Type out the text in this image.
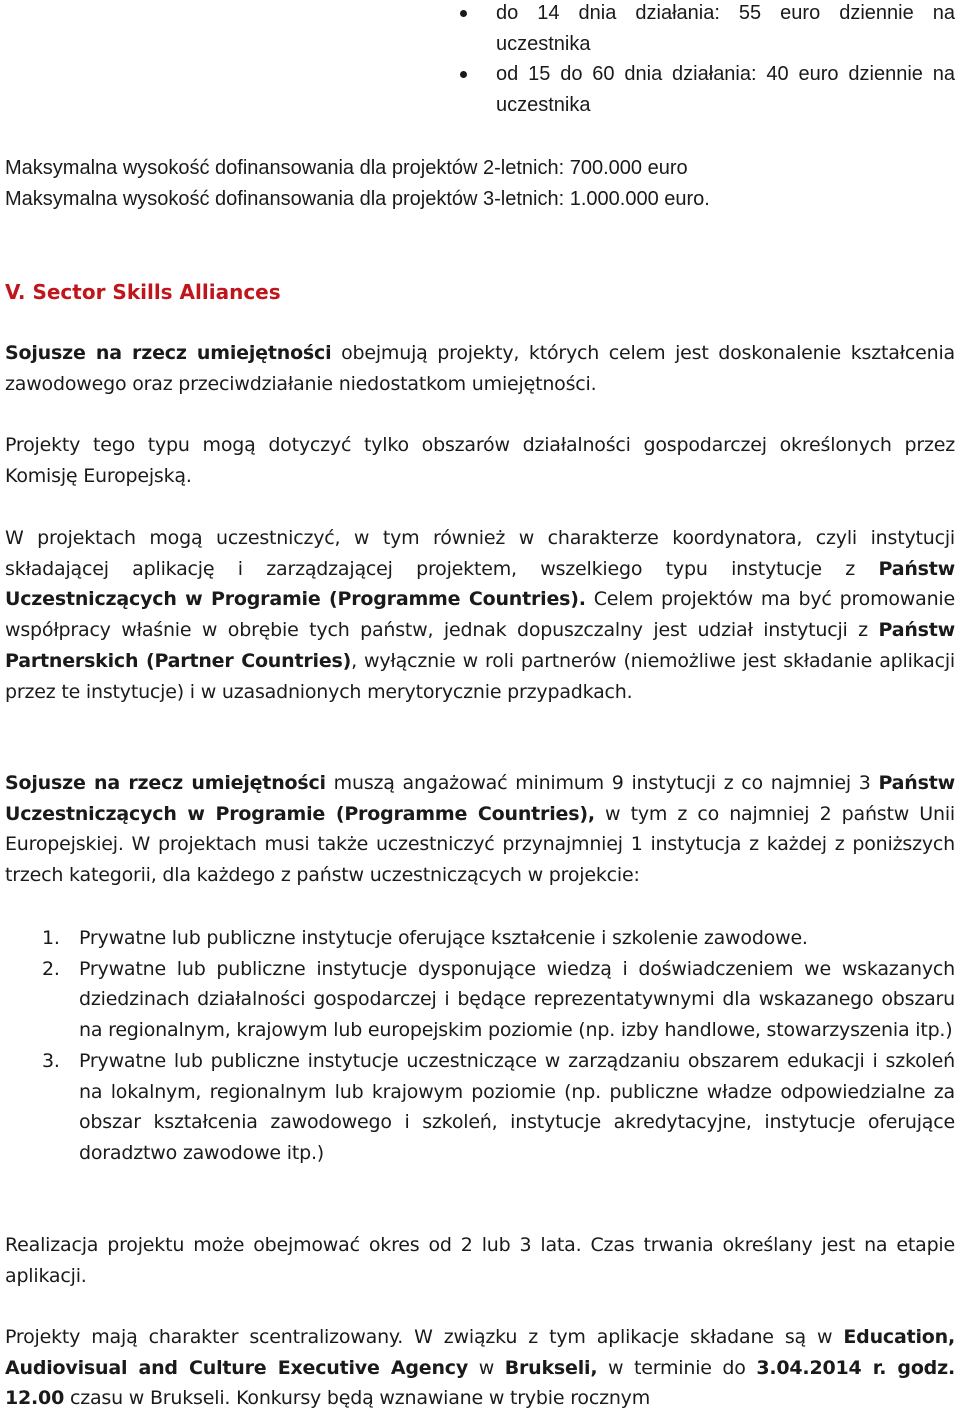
do 14 dnia działania: 55 euro dziennie na uczestnika
od 15 do 60 dnia działania: 40 euro dziennie na uczestnika
Maksymalna wysokość dofinansowania dla projektów 2-letnich: 700.000 euro
Maksymalna wysokość dofinansowania dla projektów 3-letnich: 1.000.000 euro.
V. Sector Skills Alliances

Sojusze na rzecz umiejętności obejmują projekty, których celem jest doskonalenie kształcenia zawodowego oraz przeciwdziałanie niedostatkom umiejętności.

Projekty tego typu mogą dotyczyć tylko obszarów działalności gospodarczej określonych przez Komisję Europejską.

W projektach mogą uczestniczyć, w tym również w charakterze koordynatora, czyli instytucji składającej aplikację i zarządzającej projektem, wszelkiego typu instytucje z Państw Uczestniczących w Programie (Programme Countries). Celem projektów ma być promowanie współpracy właśnie w obrębie tych państw, jednak dopuszczalny jest udział instytucji z Państw Partnerskich (Partner Countries), wyłącznie w roli partnerów (niemożliwe jest składanie aplikacji przez te instytucje) i w uzasadnionych merytorycznie przypadkach.

Sojusze na rzecz umiejętności muszą angażować minimum 9 instytucji z co najmniej 3 Państw Uczestniczących w Programie (Programme Countries), w tym z co najmniej 2 państw Unii Europejskiej. W projektach musi także uczestniczyć przynajmniej 1 instytucja z każdej z poniższych trzech kategorii, dla każdego z państw uczestniczących w projekcie:

1. Prywatne lub publiczne instytucje oferujące kształcenie i szkolenie zawodowe.
2. Prywatne lub publiczne instytucje dysponujące wiedzą i doświadczeniem we wskazanych dziedzinach działalności gospodarczej i będące reprezentatywnymi dla wskazanego obszaru na regionalnym, krajowym lub europejskim poziomie (np. izby handlowe, stowarzyszenia itp.)
3. Prywatne lub publiczne instytucje uczestniczące w zarządzaniu obszarem edukacji i szkoleń na lokalnym, regionalnym lub krajowym poziomie (np. publiczne władze odpowiedzialne za obszar kształcenia zawodowego i szkoleń, instytucje akredytacyjne, instytucje oferujące doradztwo zawodowe itp.)

Realizacja projektu może obejmować okres od 2 lub 3 lata. Czas trwania określany jest na etapie aplikacji.

Projekty mają charakter scentralizowany. W związku z tym aplikacje składane są w Education, Audiovisual and Culture Executive Agency w Brukseli, w terminie do 3.04.2014 r. godz. 12.00 czasu w Brukseli. Konkursy będą wznawiane w trybie rocznym
